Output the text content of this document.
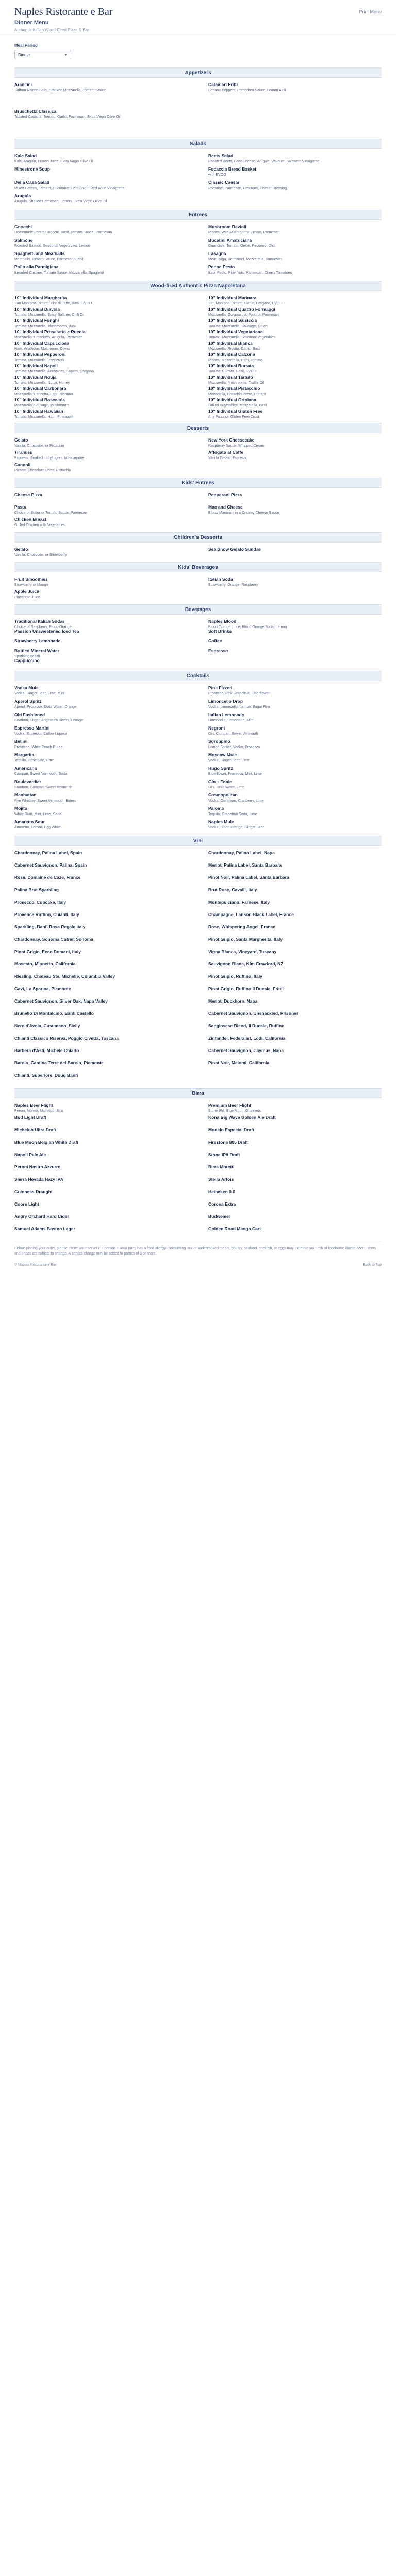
Naples Ristorante e Bar
Dinner Menu
Authentic Italian Wood-Fired Pizza & Bar
Print Menu
Meal Period
Dinner	▼
Appetizers
Arancini
Saffron Risotto Balls, Smoked Mozzarella, Tomato Sauce
Calamari Fritti
Banana Peppers, Pomodoro Sauce, Lemon Aioli
Bruschetta Classica
Toasted Ciabatta, Tomato, Garlic, Parmesan, Extra Virgin Olive Oil
Salads
Kale Salad
Kale, Arugula, Lemon Juice, Extra Virgin Olive Oil
Beets Salad
Roasted Beets, Goat Cheese, Arugula, Walnuts, Balsamic Vinaigrette
Minestrone Soup	Focaccia Bread Basket
with EVOO
Della Casa Salad
Mixed Greens, Tomato, Cucumber, Red Onion, Red Wine Vinaigrette
Classic Caesar
Romaine, Parmesan, Croutons, Caesar Dressing
Arugula
Arugula, Shaved Parmesan, Lemon, Extra Virgin Olive Oil
Entrees
Gnocchi
Homemade Potato Gnocchi, Basil, Tomato Sauce, Parmesan
Mushroom Ravioli
Ricotta, Wild Mushrooms, Cream, Parmesan
Salmone
Roasted Salmon, Seasonal Vegetables, Lemon
Bucatini Amatriciana
Guanciale, Tomato, Onion, Pecorino, Chili
Spaghetti and Meatballs
Meatballs, Tomato Sauce, Parmesan, Basil
Lasagna
Meat Ragu, Bechamel, Mozzarella, Parmesan
Pollo alla Parmigiana
Breaded Chicken, Tomato Sauce, Mozzarella, Spaghetti
Penne Pesto
Basil Pesto, Pine Nuts, Parmesan, Cherry Tomatoes
Wood-fired Authentic Pizza Napoletana
10" Individual Margherita
San Marzano Tomato, Fior di Latte, Basil, EVOO
10" Individual Marinara
San Marzano Tomato, Garlic, Oregano, EVOO
10" Individual Diavola
Tomato, Mozzarella, Spicy Salame, Chili Oil
10" Individual Quattro Formaggi
Mozzarella, Gorgonzola, Fontina, Parmesan
10" Individual Funghi
Tomato, Mozzarella, Mushrooms, Basil
10" Individual Salsiccia
Tomato, Mozzarella, Sausage, Onion
10" Individual Prosciutto e Rucola
Mozzarella, Prosciutto, Arugula, Parmesan
10" Individual Vegetariana
Tomato, Mozzarella, Seasonal Vegetables
10" Individual Capricciosa
Ham, Artichoke, Mushroom, Olives
10" Individual Bianca
Mozzarella, Ricotta, Garlic, Basil
10" Individual Pepperoni
Tomato, Mozzarella, Pepperoni
10" Individual Calzone
Ricotta, Mozzarella, Ham, Tomato
10" Individual Napoli
Tomato, Mozzarella, Anchovies, Capers, Oregano
10" Individual Burrata
Tomato, Burrata, Basil, EVOO
10" Individual Nduja
Tomato, Mozzarella, Nduja, Honey
10" Individual Tartufo
Mozzarella, Mushrooms, Truffle Oil
10" Individual Carbonara
Mozzarella, Pancetta, Egg, Pecorino
10" Individual Pistacchio
Mortadella, Pistachio Pesto, Burrata
10" Individual Boscaiola
Mozzarella, Sausage, Mushrooms
10" Individual Ortolana
Grilled Vegetables, Mozzarella, Basil
10" Individual Hawaiian
Tomato, Mozzarella, Ham, Pineapple
10" Individual Gluten Free
Any Pizza on Gluten Free Crust
Desserts
Gelato
Vanilla, Chocolate, or Pistachio
New York Cheesecake
Raspberry Sauce, Whipped Cream
Tiramisu
Espresso Soaked Ladyfingers, Mascarpone
Affogato al Caffe
Vanilla Gelato, Espresso
Cannoli
Ricotta, Chocolate Chips, Pistachio
Kids' Entrees
Cheese Pizza	Pepperoni Pizza
Pasta
Choice of Butter or Tomato Sauce, Parmesan
Mac and Cheese
Elbow Macaroni in a Creamy Cheese Sauce
Chicken Breast
Grilled Chicken with Vegetables
Children's Desserts
Gelato
Vanilla, Chocolate, or Strawberry
Sea Snow Gelato Sundae
Kids' Beverages
Fruit Smoothies
Strawberry or Mango
Italian Soda
Strawberry, Orange, Raspberry
Apple Juice
Pineapple Juice
Beverages
Traditional Italian Sodas
Choice of Raspberry, Blood Orange
Naples Blood
Blood Orange Juice, Blood Orange Soda, Lemon
Passion Unsweetened Iced Tea	Soft Drinks
Strawberry Lemonade	Coffee
Bottled Mineral Water
Sparkling or Still
Espresso
Cappuccino
Cocktails
Vodka Mule
Vodka, Ginger Beer, Lime, Mint
Pink Fizzed
Prosecco, Pink Grapefruit, Elderflower
Aperol Spritz
Aperol, Prosecco, Soda Water, Orange
Limoncello Drop
Vodka, Limoncello, Lemon, Sugar Rim
Old Fashioned
Bourbon, Sugar, Angostura Bitters, Orange
Italian Lemonade
Limoncello, Lemonade, Mint
Espresso Martini
Vodka, Espresso, Coffee Liqueur
Negroni
Gin, Campari, Sweet Vermouth
Bellini
Prosecco, White Peach Puree
Sgroppino
Lemon Sorbet, Vodka, Prosecco
Margarita
Tequila, Triple Sec, Lime
Moscow Mule
Vodka, Ginger Beer, Lime
Americano
Campari, Sweet Vermouth, Soda
Hugo Spritz
Elderflower, Prosecco, Mint, Lime
Boulevardier
Bourbon, Campari, Sweet Vermouth
Gin + Tonic
Gin, Tonic Water, Lime
Manhattan
Rye Whiskey, Sweet Vermouth, Bitters
Cosmopolitan
Vodka, Cointreau, Cranberry, Lime
Mojito
White Rum, Mint, Lime, Soda
Paloma
Tequila, Grapefruit Soda, Lime
Amaretto Sour
Amaretto, Lemon, Egg White
Naples Mule
Vodka, Blood Orange, Ginger Beer
Vini
Chardonnay, Palina Label, Spain	Chardonnay, Palina Label, Napa
Cabernet Sauvignon, Palina, Spain	Merlot, Palina Label, Santa Barbara
Rose, Domaine de Caze, France	Pinot Noir, Palina Label, Santa Barbara
Palina Brut Sparkling	Brut Rose, Cavalli, Italy
Prosecco, Cupcake, Italy	Montepulciano, Farnese, Italy
Provence Ruffino, Chianti, Italy	Champagne, Lanson Black Label, France
Sparkling, Banfi Rosa Regale Italy	Rose, Whispering Angel, France
Chardonnay, Sonoma Cutrer, Sonoma	Pinot Grigio, Santa Margherita, Italy
Pinot Grigio, Ecco Domani, Italy	Vigna Bianca, Vineyard, Tuscany
Moscato, Mionetto, California	Sauvignon Blanc, Kim Crawford, NZ
Riesling, Chateau Ste. Michelle, Columbia Valley	Pinot Grigio, Ruffino, Italy
Gavi, La Sparina, Piemonte	Pinot Grigio, Ruffino Il Ducale, Friuli
Cabernet Sauvignon, Silver Oak, Napa Valley	Merlot, Duckhorn, Napa
Brunello Di Montalcino, Banfi Castello	Cabernet Sauvignon, Unshackled, Prisoner
Nero d'Avola, Cusumano, Sicily	Sangiovese Blend, Il Ducale, Ruffino
Chianti Classico Riserva, Poggio Civetta, Toscana	Zinfandel, Federalist, Lodi, California
Barbera d'Asti, Michele Chiarlo	Cabernet Sauvignon, Caymus, Napa
Barolo, Cantina Terre del Barolo, Piemonte	Pinot Noir, Meiomi, California
Chianti, Superiore, Doug Banfi
Birra
Naples Beer Flight
Peroni, Moretti, Michelob Ultra
Premium Beer Flight
Stone IPA, Blue Moon, Guinness
Bud Light Draft	Kona Big Wave Golden Ale Draft
Michelob Ultra Draft	Modelo Especial Draft
Blue Moon Belgian White Draft	Firestone 805 Draft
Napoli Pale Ale	Stone IPA Draft
Peroni Nastro Azzurro	Birra Moretti
Sierra Nevada Hazy IPA	Stella Artois
Guinness Draught	Heineken 0.0
Coors Light	Corona Extra
Angry Orchard Hard Cider	Budweiser
Samuel Adams Boston Lager	Golden Road Mango Cart
Before placing your order, please inform your server if a person in your party has a food allergy. Consuming raw or undercooked meats, poultry, seafood, shellfish, or eggs may increase your risk of foodborne illness. Menu items and prices are subject to change. A service charge may be added to parties of 8 or more.
© Naples Ristorante e Bar	Back to Top
